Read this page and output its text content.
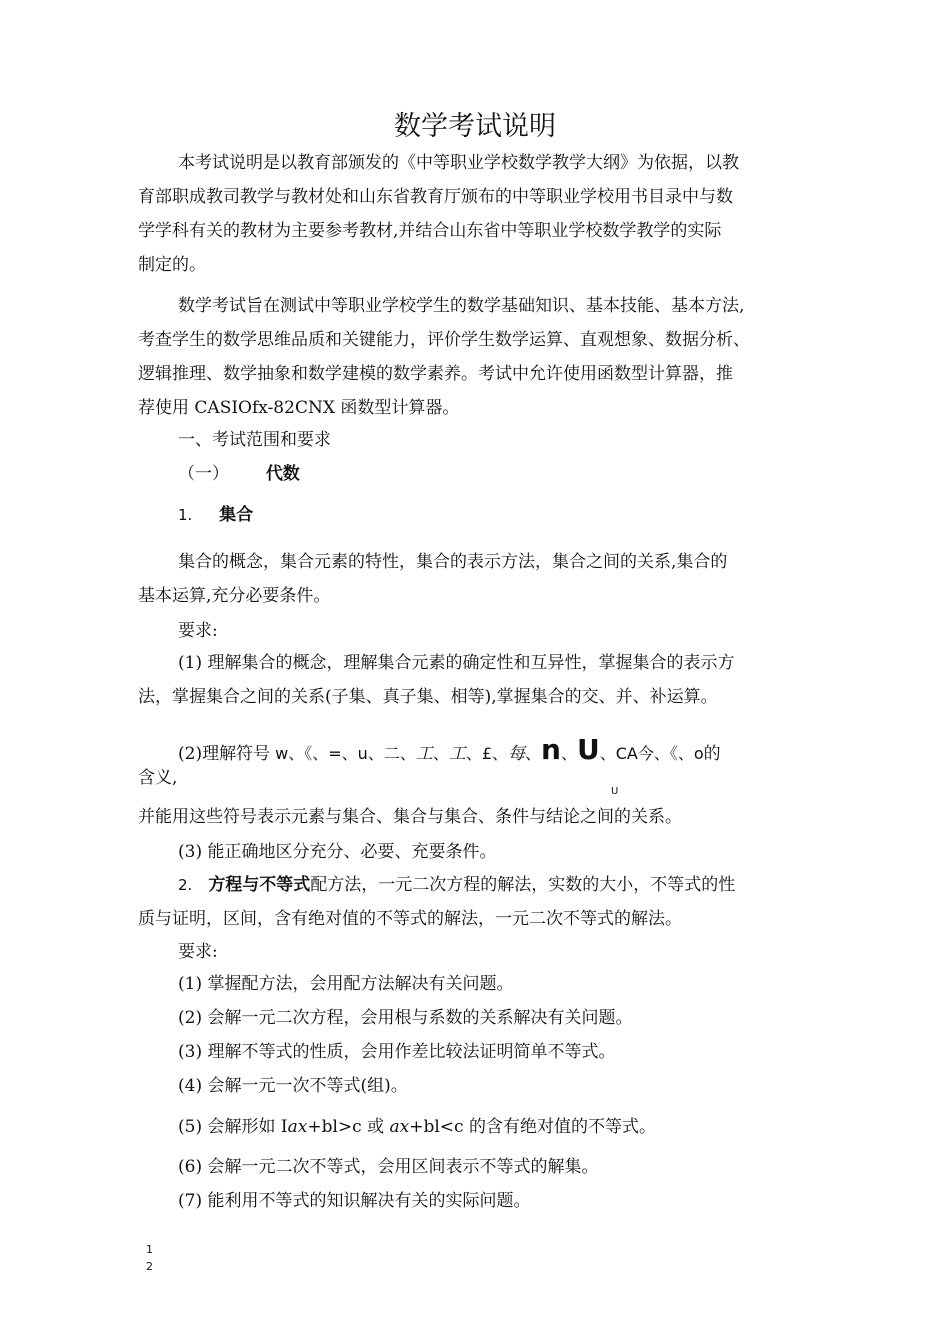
数学考试说明
本考试说明是以教育部颁发的《中等职业学校数学教学大纲》为依据，以教
育部职成教司教学与教材处和山东省教育厅颁布的中等职业学校用书目录中与数
学学科有关的教材为主要参考教材,并结合山东省中等职业学校数学教学的实际
制定的。
数学考试旨在测试中等职业学校学生的数学基础知识、基本技能、基本方法,
考查学生的数学思维品质和关键能力，评价学生数学运算、直观想象、数据分析、
逻辑推理、数学抽象和数学建模的数学素养。考试中允许使用函数型计算器，推
荐使用 CASIOfx-82CNX 函数型计算器。
一、考试范围和要求
（一） 代数
1. 集合
集合的概念，集合元素的特性，集合的表示方法，集合之间的关系,集合的
基本运算,充分必要条件。
要求:
(1) 理解集合的概念，理解集合元素的确定性和互异性，掌握集合的表示方
法，掌握集合之间的关系(子集、真子集、相等),掌握集合的交、并、补运算。
(2)理解符号 w、《、=、u、二、工、工、£、每、n、U、CA今、《、o的
含义,
U
并能用这些符号表示元素与集合、集合与集合、条件与结论之间的关系。
(3) 能正确地区分充分、必要、充要条件。
2. 方程与不等式配方法，一元二次方程的解法，实数的大小，不等式的性
质与证明，区间，含有绝对值的不等式的解法，一元二次不等式的解法。
要求:
(1) 掌握配方法，会用配方法解决有关问题。
(2) 会解一元二次方程，会用根与系数的关系解决有关问题。
(3) 理解不等式的性质，会用作差比较法证明简单不等式。
(4) 会解一元一次不等式(组)。
(5) 会解形如 Iax+bl>c 或 ax+bl<c 的含有绝对值的不等式。
(6) 会解一元二次不等式，会用区间表示不等式的解集。
(7) 能利用不等式的知识解决有关的实际问题。
1
2
